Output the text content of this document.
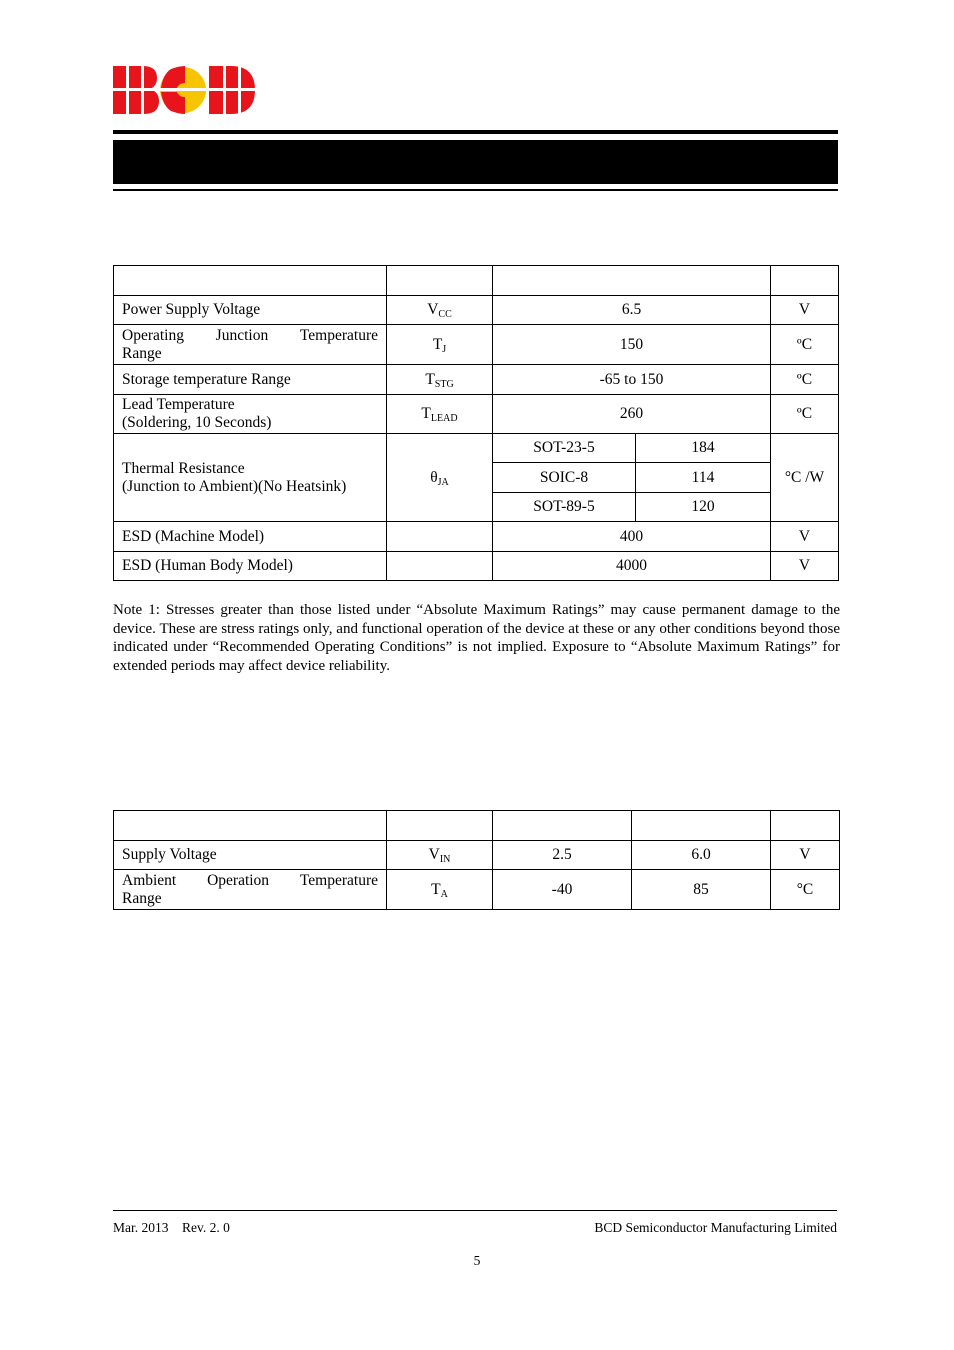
Power Supply Voltage	$V_{CC}$	6.5		V

Operating Junction Temperature
Range	$T_J$	150		ºC
Storage temperature Range	$T_{STG}$	-65 to 150		ºC

Lead Temperature
(Soldering, 10 Seconds)	$T_{LEAD}$	260		ºC

Thermal Resistance
(Junction to Ambient)(No Heatsink)	$\theta_{JA}$	SOT-23-5	184	°C /W
		SOIC-8	114	
		SOT-89-5	120	
ESD (Machine Model)		400		V
ESD (Human Body Model)		4000		V
Note 1: Stresses greater than those listed under “Absolute Maximum Ratings” may cause permanent damage to the device. These are stress ratings only, and functional operation of the device at these or any other conditions beyond those indicated under “Recommended Operating Conditions” is not implied. Exposure to “Absolute Maximum Ratings” for extended periods may affect device reliability.

Supply Voltage	$V_{IN}$	2.5	6.0	V

Ambient Operation Temperature
Range	$T_A$	-40	85	°C
Mar. 2013    Rev. 2. 0	BCD Semiconductor Manufacturing Limited
5
